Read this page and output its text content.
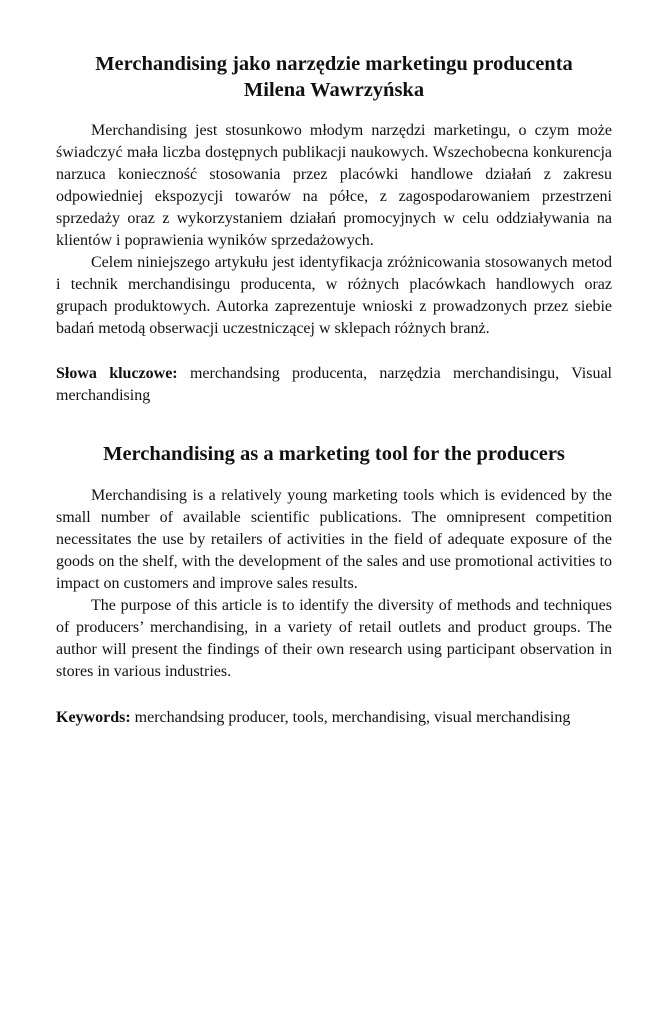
Merchandising jako narzędzie marketingu producenta
Milena Wawrzyńska

Merchandising jest stosunkowo młodym narzędzi marketingu, o czym może świadczyć mała liczba dostępnych publikacji naukowych. Wszechobecna konkurencja narzuca konieczność stosowania przez placówki handlowe działań z zakresu odpowiedniej ekspozycji towarów na półce, z zagospodarowaniem przestrzeni sprzedaży oraz z wykorzystaniem działań promocyjnych w celu oddziaływania na klientów i poprawienia wyników sprzedażowych.

Celem niniejszego artykułu jest identyfikacja zróżnicowania stosowanych metod i technik merchandisingu producenta, w różnych placówkach handlowych oraz grupach produktowych. Autorka zaprezentuje wnioski z prowadzonych przez siebie badań metodą obserwacji uczestniczącej w sklepach różnych branż.

Słowa kluczowe: merchandsing producenta, narzędzia merchandisingu, Visual merchandising

Merchandising as a marketing tool for the producers

Merchandising is a relatively young marketing tools which is evidenced by the small number of available scientific publications. The omnipresent competition necessitates the use by retailers of activities in the field of adequate exposure of the goods on the shelf, with the development of the sales and use promotional activities to impact on customers and improve sales results.

The purpose of this article is to identify the diversity of methods and techniques of producers’ merchandising, in a variety of retail outlets and product groups. The author will present the findings of their own research using participant observation in stores in various industries.

Keywords: merchandsing producer, tools, merchandising, visual merchandising
